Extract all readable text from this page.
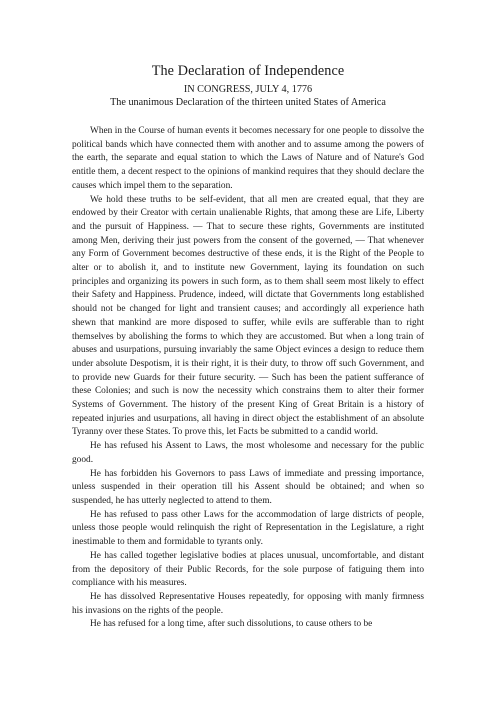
The Declaration of Independence
IN CONGRESS, JULY 4, 1776
The unanimous Declaration of the thirteen united States of America

When in the Course of human events it becomes necessary for one people to dissolve the political bands which have connected them with another and to assume among the powers of the earth, the separate and equal station to which the Laws of Nature and of Nature's God entitle them, a decent respect to the opinions of mankind requires that they should declare the causes which impel them to the separation.

We hold these truths to be self-evident, that all men are created equal, that they are endowed by their Creator with certain unalienable Rights, that among these are Life, Liberty and the pursuit of Happiness. — That to secure these rights, Governments are instituted among Men, deriving their just powers from the consent of the governed, — That whenever any Form of Government becomes destructive of these ends, it is the Right of the People to alter or to abolish it, and to institute new Government, laying its foundation on such principles and organizing its powers in such form, as to them shall seem most likely to effect their Safety and Happiness. Prudence, indeed, will dictate that Governments long established should not be changed for light and transient causes; and accordingly all experience hath shewn that mankind are more disposed to suffer, while evils are sufferable than to right themselves by abolishing the forms to which they are accustomed. But when a long train of abuses and usurpations, pursuing invariably the same Object evinces a design to reduce them under absolute Despotism, it is their right, it is their duty, to throw off such Government, and to provide new Guards for their future security. — Such has been the patient sufferance of these Colonies; and such is now the necessity which constrains them to alter their former Systems of Government. The history of the present King of Great Britain is a history of repeated injuries and usurpations, all having in direct object the establishment of an absolute Tyranny over these States. To prove this, let Facts be submitted to a candid world.

He has refused his Assent to Laws, the most wholesome and necessary for the public good.

He has forbidden his Governors to pass Laws of immediate and pressing importance, unless suspended in their operation till his Assent should be obtained; and when so suspended, he has utterly neglected to attend to them.

He has refused to pass other Laws for the accommodation of large districts of people, unless those people would relinquish the right of Representation in the Legislature, a right inestimable to them and formidable to tyrants only.

He has called together legislative bodies at places unusual, uncomfortable, and distant from the depository of their Public Records, for the sole purpose of fatiguing them into compliance with his measures.

He has dissolved Representative Houses repeatedly, for opposing with manly firmness his invasions on the rights of the people.

He has refused for a long time, after such dissolutions, to cause others to be
